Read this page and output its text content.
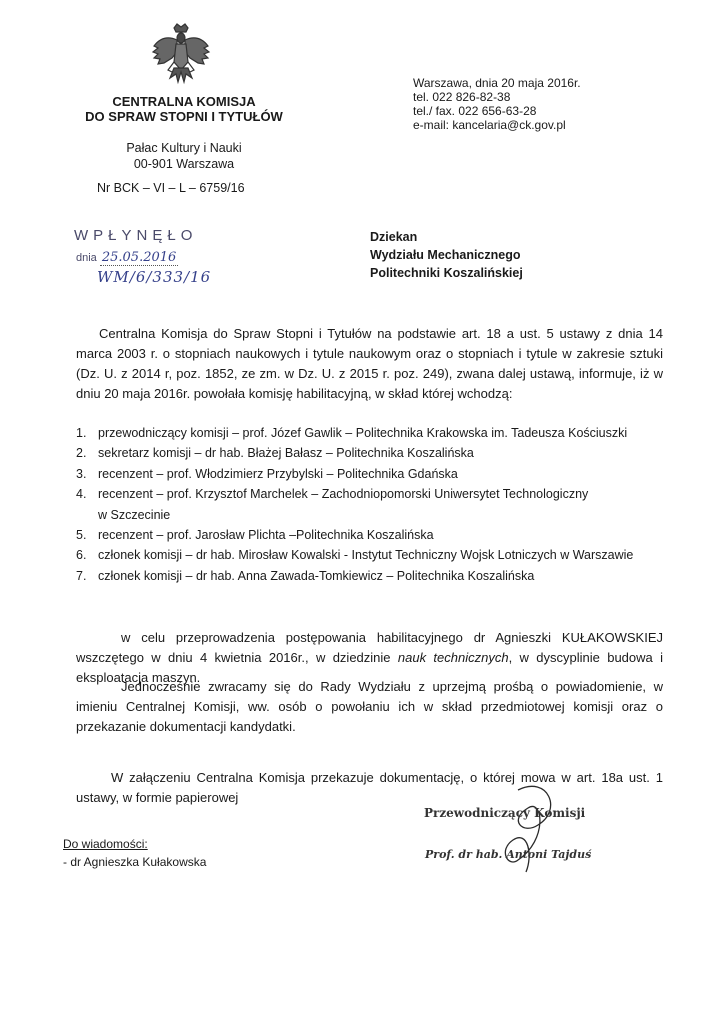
CENTRALNA KOMISJA
DO SPRAW STOPNI I TYTUŁÓW
Pałac Kultury i Nauki
00-901 Warszawa
Nr BCK – VI – L – 6759/16
Warszawa, dnia 20 maja 2016r.
tel. 022 826-82-38
tel./ fax. 022 656-63-28
e-mail: kancelaria@ck.gov.pl
WPŁYNĘŁO
dnia 25.05.2016
WM/6/333/16
Dziekan
Wydziału Mechanicznego
Politechniki Koszalińskiej
Centralna Komisja do Spraw Stopni i Tytułów na podstawie art. 18 a ust. 5 ustawy z dnia 14 marca 2003 r. o stopniach naukowych i tytule naukowym oraz o stopniach i tytule w zakresie sztuki (Dz. U. z 2014 r, poz. 1852, ze zm. w Dz. U. z 2015 r. poz. 249), zwana dalej ustawą, informuje, iż w dniu 20 maja 2016r. powołała komisję habilitacyjną, w skład której wchodzą:
1. przewodniczący komisji – prof. Józef Gawlik – Politechnika Krakowska im. Tadeusza Kościuszki
2. sekretarz komisji – dr hab. Błażej Bałasz – Politechnika Koszalińska
3. recenzent – prof. Włodzimierz Przybylski – Politechnika Gdańska
4. recenzent – prof. Krzysztof Marchelek – Zachodniopomorski Uniwersytet Technologiczny
w Szczecinie
5. recenzent – prof. Jarosław Plichta –Politechnika Koszalińska
6. członek komisji – dr hab. Mirosław Kowalski - Instytut Techniczny Wojsk Lotniczych w Warszawie
7. członek komisji – dr hab. Anna Zawada-Tomkiewicz – Politechnika Koszalińska
w celu przeprowadzenia postępowania habilitacyjnego dr Agnieszki KUŁAKOWSKIEJ wszczętego w dniu 4 kwietnia 2016r., w dziedzinie nauk technicznych, w dyscyplinie budowa i eksploatacja maszyn.
Jednocześnie zwracamy się do Rady Wydziału z uprzejmą prośbą o powiadomienie, w imieniu Centralnej Komisji, ww. osób o powołaniu ich w skład przedmiotowej komisji oraz o przekazanie dokumentacji kandydatki.
W załączeniu Centralna Komisja przekazuje dokumentację, o której mowa w art. 18a ust. 1 ustawy, w formie papierowej
Przewodniczący Komisji
Prof. dr hab. Antoni Tajduś
Do wiadomości:
- dr Agnieszka Kułakowska
